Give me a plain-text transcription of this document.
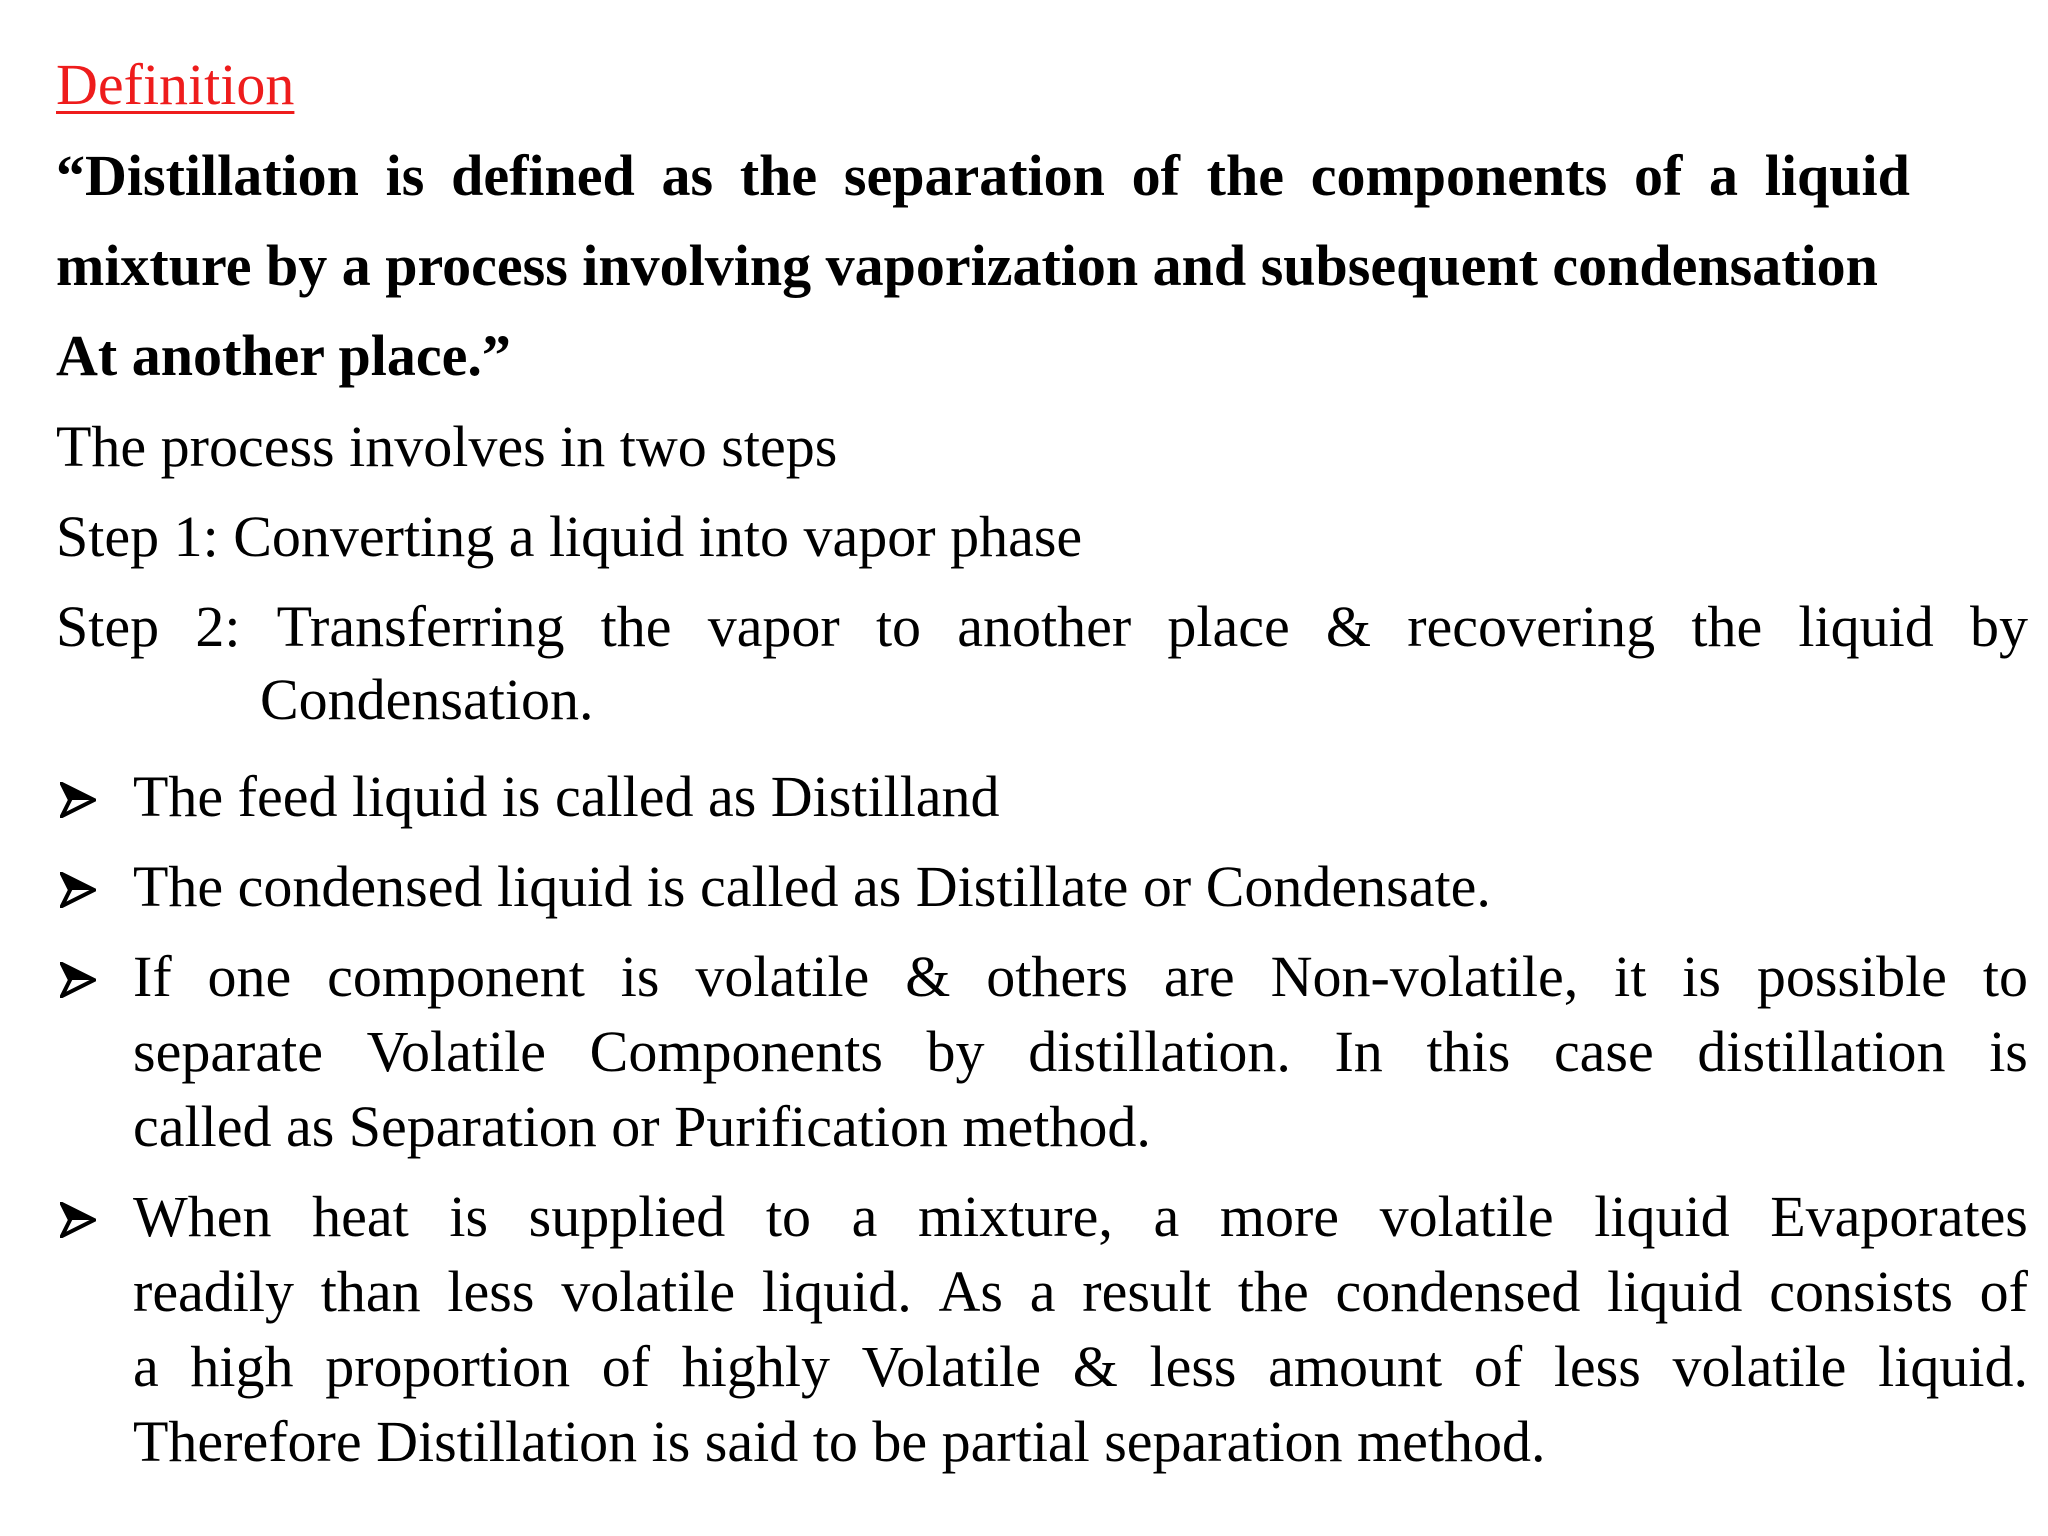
Definition
“Distillation is defined as the separation of the components of a liquid
mixture by a process involving vaporization and subsequent condensation
At another place.”
The process involves in two steps
Step 1: Converting a liquid into vapor phase
Step 2: Transferring the vapor to another place & recovering the liquid by
Condensation.
The feed liquid is called as Distilland
The condensed liquid is called as Distillate or Condensate.
If one component is volatile & others are Non-volatile, it is possible to
separate Volatile Components by distillation. In this case distillation is
called as Separation or Purification method.
When heat is supplied to a mixture, a more volatile liquid Evaporates
readily than less volatile liquid. As a result the condensed liquid consists of
a high proportion of highly Volatile & less amount of less volatile liquid.
Therefore Distillation is said to be partial separation method.
